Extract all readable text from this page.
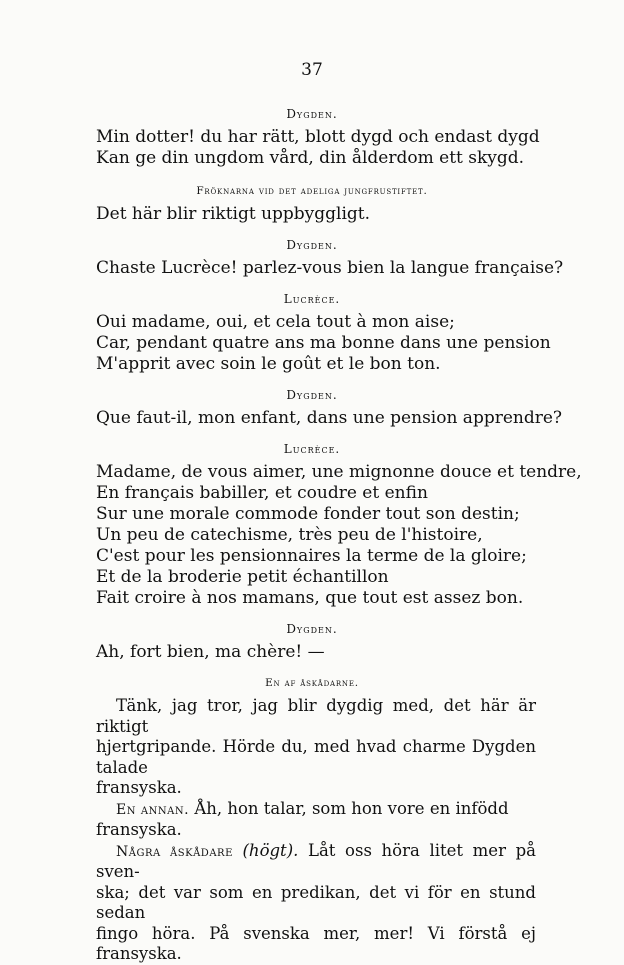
37
Dygden.
Min dotter! du har rätt, blott dygd och endast dygd
Kan ge din ungdom vård, din ålderdom ett skygd.
Fröknarna vid det adeliga jungfrustiftet.
Det här blir riktigt uppbyggligt.
Dygden.
Chaste Lucrèce! parlez-vous bien la langue française?
Lucrèce.
Oui madame, oui, et cela tout à mon aise;
Car, pendant quatre ans ma bonne dans une pension
M'apprit avec soin le goût et le bon ton.
Dygden.
Que faut-il, mon enfant, dans une pension apprendre?
Lucrèce.
Madame, de vous aimer, une mignonne douce et tendre,
En français babiller, et coudre et enfin
Sur une morale commode fonder tout son destin;
Un peu de catechisme, très peu de l'histoire,
C'est pour les pensionnaires la terme de la gloire;
Et de la broderie petit échantillon
Fait croire à nos mamans, que tout est assez bon.
Dygden.
Ah, fort bien, ma chère! —
En af åskådarne.

Tänk, jag tror, jag blir dygdig med, det här är riktigt
hjertgripande. Hörde du, med hvad charme Dygden talade
fransyska.

En annan. Åh, hon talar, som hon vore en infödd
fransyska.

Några åskådare (högt). Låt oss höra litet mer på sven-
ska; det var som en predikan, det vi för en stund sedan
fingo höra. På svenska mer, mer! Vi förstå ej fransyska.
